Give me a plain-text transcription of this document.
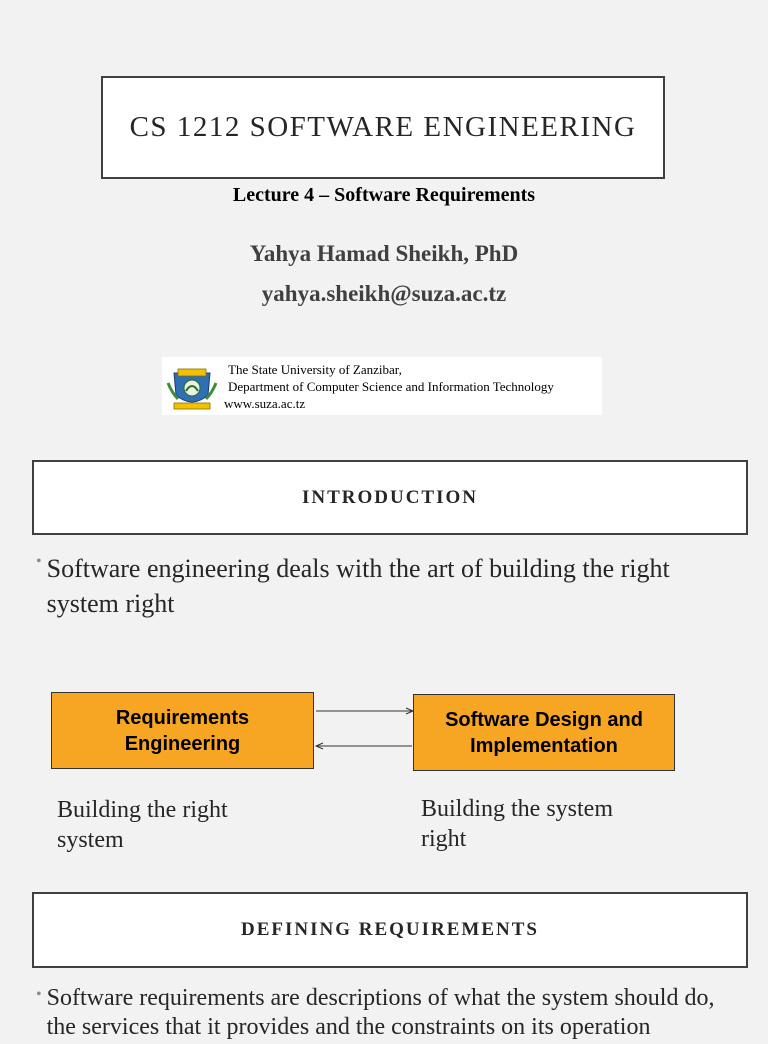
CS 1212 SOFTWARE ENGINEERING
Lecture 4 – Software Requirements
Yahya Hamad Sheikh, PhD
yahya.sheikh@suza.ac.tz
The State University of Zanzibar,
Department of Computer Science and Information Technology
www.suza.ac.tz
INTRODUCTION
• Software engineering deals with the art of building the right system right
Requirements Engineering
Software Design and Implementation
Building the right system
Building the system right
DEFINING REQUIREMENTS
• Software requirements are descriptions of what the system should do, the services that it provides and the constraints on its operation
